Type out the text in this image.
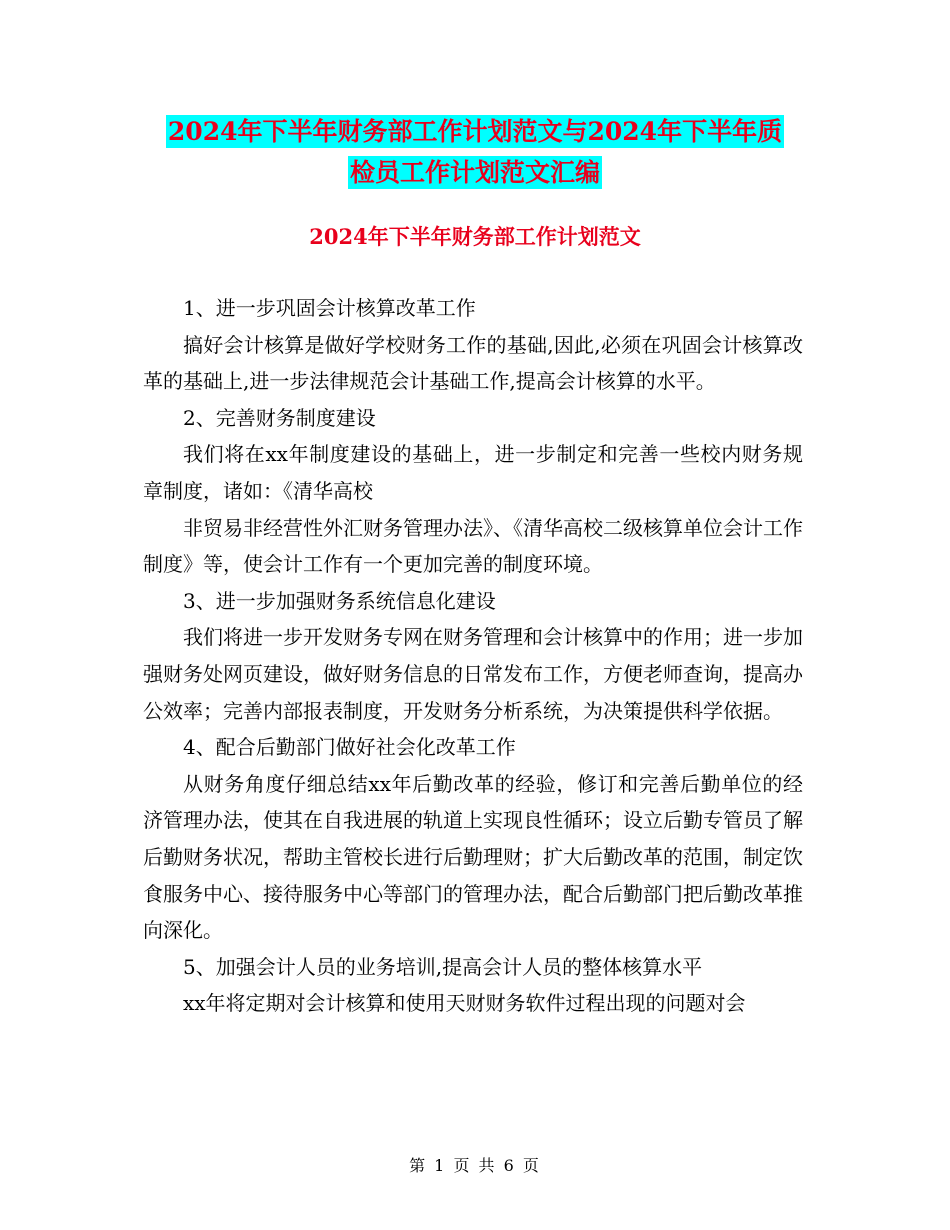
2024年下半年财务部工作计划范文与2024年下半年质
检员工作计划范文汇编
2024年下半年财务部工作计划范文

1、进一步巩固会计核算改革工作

搞好会计核算是做好学校财务工作的基础,因此,必须在巩固会计核算改革的基础上,进一步法律规范会计基础工作,提高会计核算的水平。

2、完善财务制度建设

我们将在xx年制度建设的基础上，进一步制定和完善一些校内财务规章制度，诸如：《清华高校

非贸易非经营性外汇财务管理办法》、《清华高校二级核算单位会计工作制度》等，使会计工作有一个更加完善的制度环境。

3、进一步加强财务系统信息化建设

我们将进一步开发财务专网在财务管理和会计核算中的作用；进一步加强财务处网页建设，做好财务信息的日常发布工作，方便老师查询，提高办公效率；完善内部报表制度，开发财务分析系统，为决策提供科学依据。

4、配合后勤部门做好社会化改革工作

从财务角度仔细总结xx年后勤改革的经验，修订和完善后勤单位的经济管理办法，使其在自我进展的轨道上实现良性循环；设立后勤专管员了解后勤财务状况，帮助主管校长进行后勤理财；扩大后勤改革的范围，制定饮食服务中心、接待服务中心等部门的管理办法，配合后勤部门把后勤改革推向深化。

5、加强会计人员的业务培训,提高会计人员的整体核算水平

xx年将定期对会计核算和使用天财财务软件过程出现的问题对会

第 1 页 共 6 页
